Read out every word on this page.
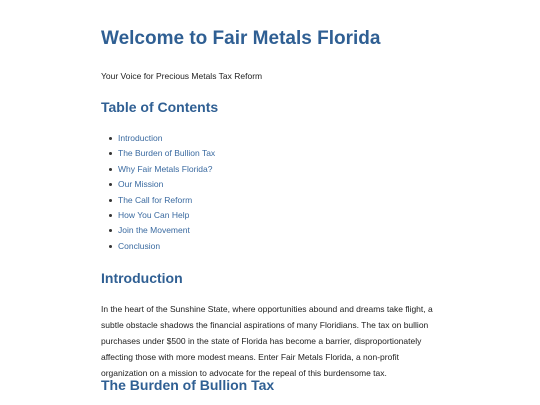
Welcome to Fair Metals Florida
Your Voice for Precious Metals Tax Reform
Table of Contents
Introduction
The Burden of Bullion Tax
Why Fair Metals Florida?
Our Mission
The Call for Reform
How You Can Help
Join the Movement
Conclusion
Introduction

In the heart of the Sunshine State, where opportunities abound and dreams take flight, a subtle obstacle shadows the financial aspirations of many Floridians. The tax on bullion purchases under $500 in the state of Florida has become a barrier, disproportionately affecting those with more modest means. Enter Fair Metals Florida, a non-profit organization on a mission to advocate for the repeal of this burdensome tax.

The Burden of Bullion Tax
